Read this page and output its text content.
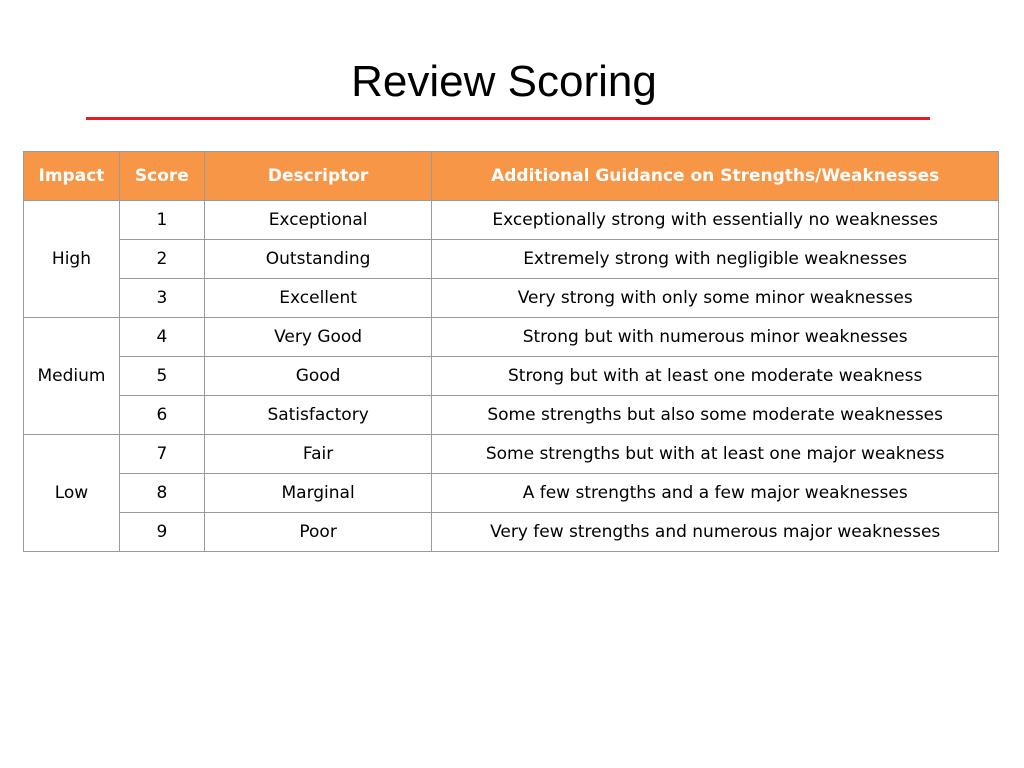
Review Scoring
Impact	Score	Descriptor	Additional Guidance on Strengths/Weaknesses
High	1	Exceptional	Exceptionally strong with essentially no weaknesses
	2	Outstanding	Extremely strong with negligible weaknesses
	3	Excellent	Very strong with only some minor weaknesses
Medium	4	Very Good	Strong but with numerous minor weaknesses
	5	Good	Strong but with at least one moderate weakness
	6	Satisfactory	Some strengths but also some moderate weaknesses
Low	7	Fair	Some strengths but with at least one major weakness
	8	Marginal	A few strengths and a few major weaknesses
	9	Poor	Very few strengths and numerous major weaknesses
